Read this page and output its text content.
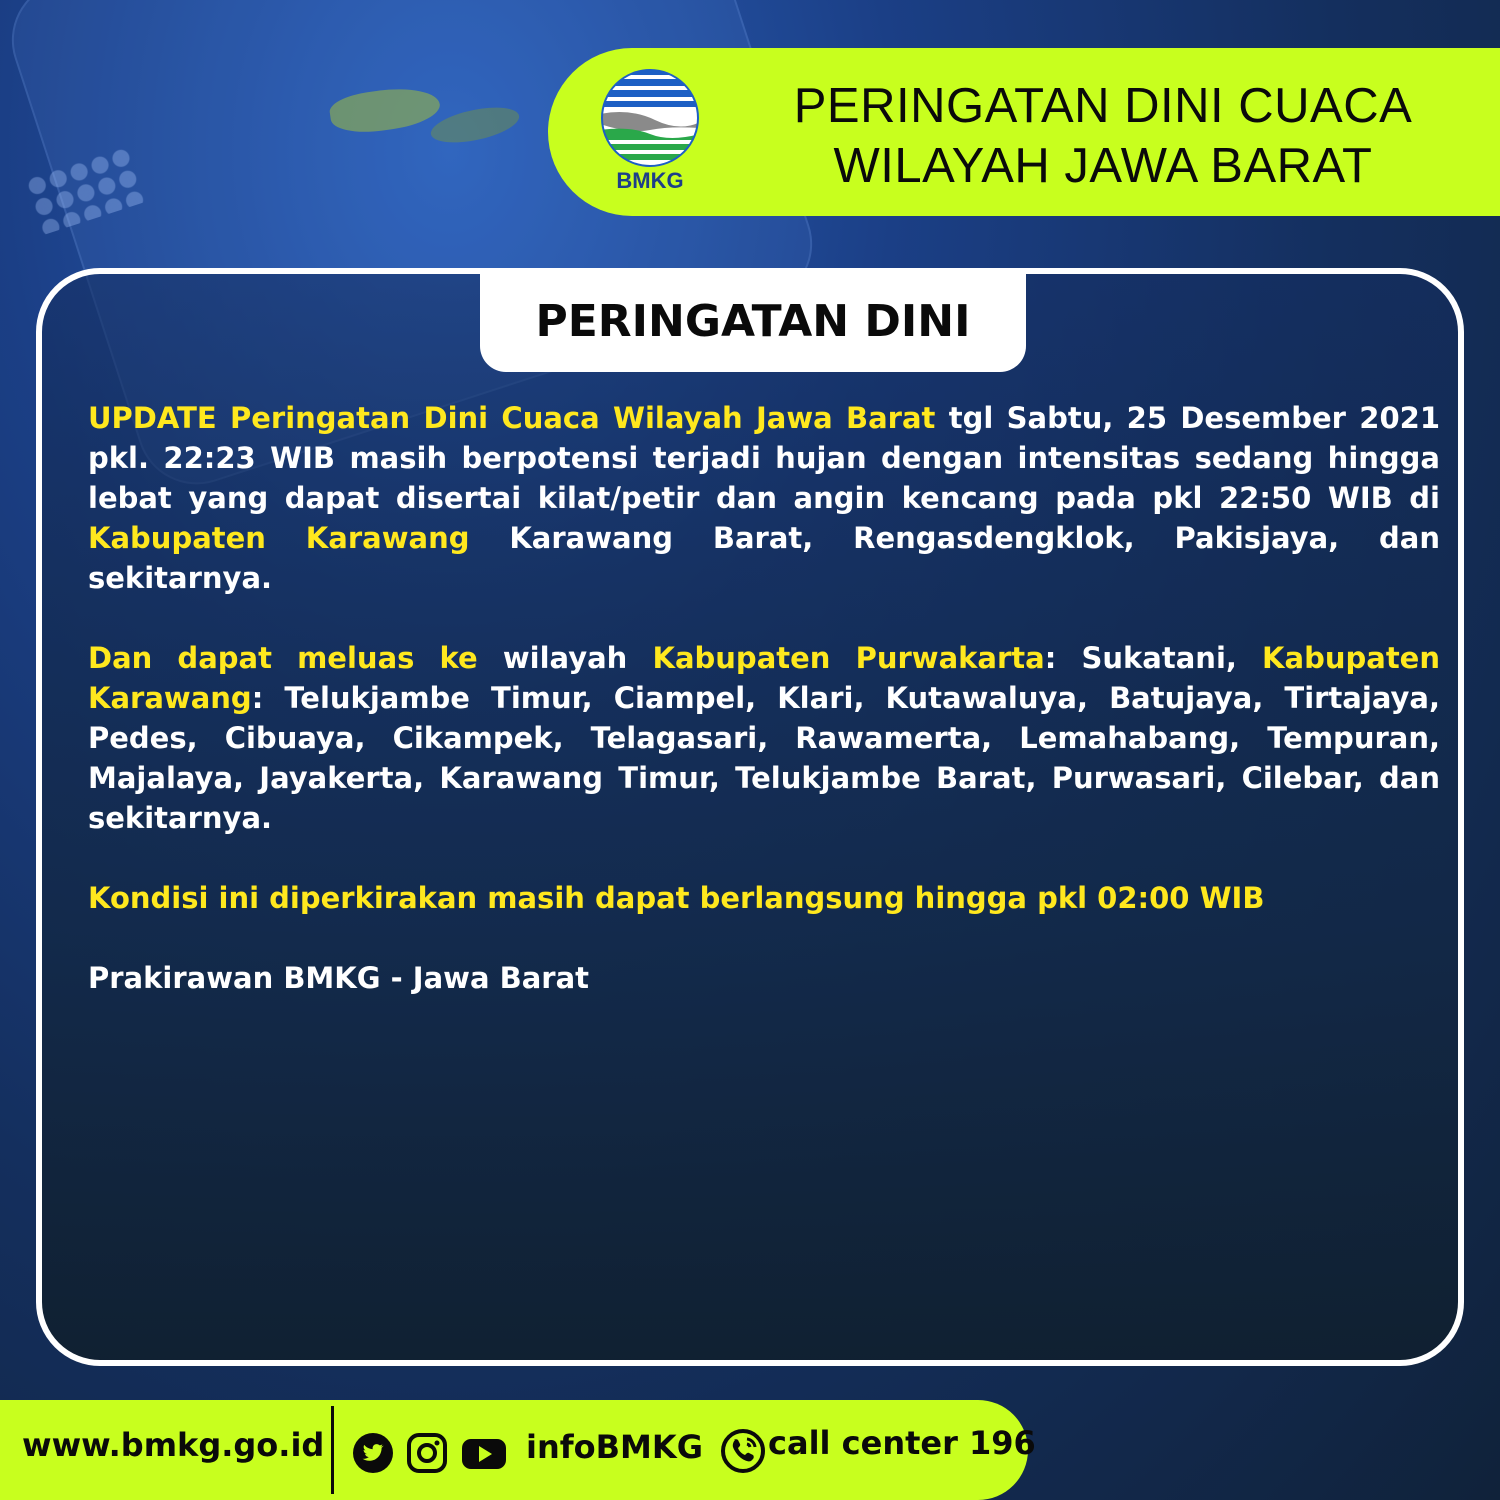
BMKG
PERINGATAN DINI CUACA
WILAYAH JAWA BARAT
PERINGATAN DINI

UPDATE Peringatan Dini Cuaca Wilayah Jawa Barat tgl Sabtu, 25 Desember 2021 pkl. 22:23 WIB masih berpotensi terjadi hujan dengan intensitas sedang hingga lebat yang dapat disertai kilat/petir dan angin kencang pada pkl 22:50 WIB di Kabupaten Karawang Karawang Barat, Rengasdengklok, Pakisjaya, dan sekitarnya.

Dan dapat meluas ke wilayah Kabupaten Purwakarta: Sukatani, Kabupaten Karawang: Telukjambe Timur, Ciampel, Klari, Kutawaluya, Batujaya, Tirtajaya, Pedes, Cibuaya, Cikampek, Telagasari, Rawamerta, Lemahabang, Tempuran, Majalaya, Jayakerta, Karawang Timur, Telukjambe Barat, Purwasari, Cilebar, dan sekitarnya.

Kondisi ini diperkirakan masih dapat berlangsung hingga pkl 02:00 WIB

Prakirawan BMKG - Jawa Barat

www.bmkg.go.id	infoBMKG call center 196
